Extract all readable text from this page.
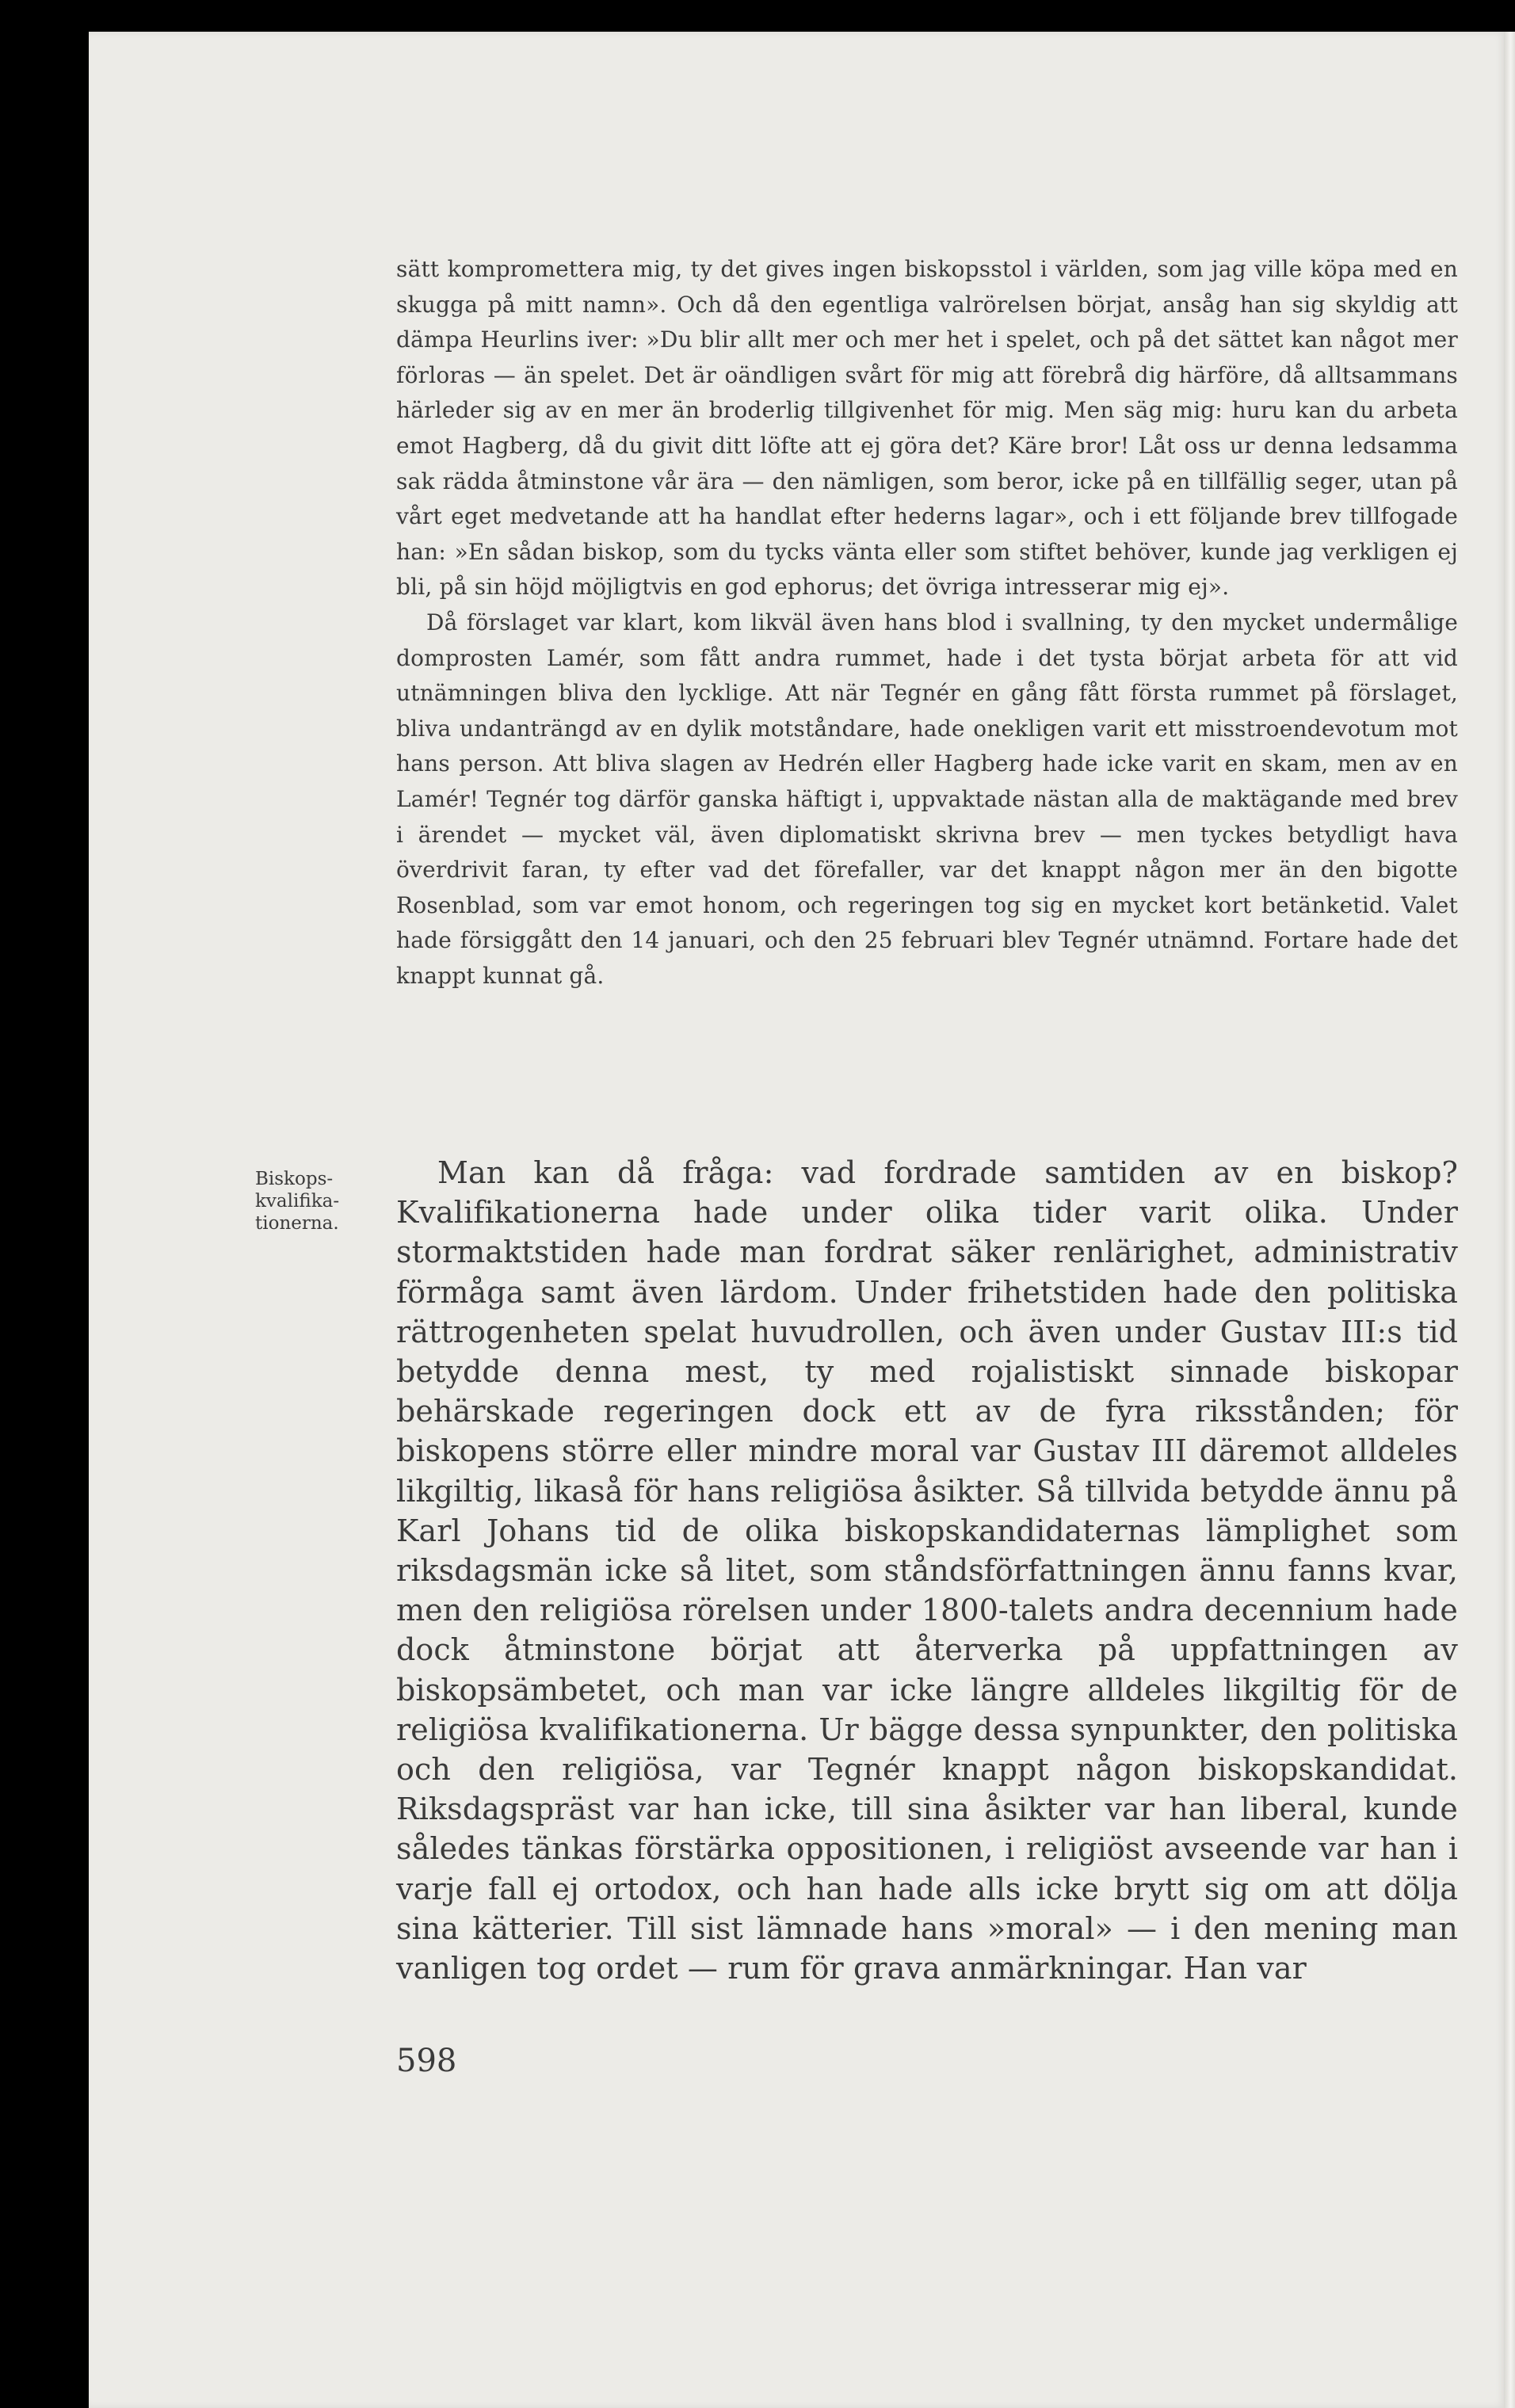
sätt kompromettera mig, ty det gives ingen biskopsstol i världen, som jag ville köpa med en skugga på mitt namn». Och då den egentliga valrörelsen börjat, ansåg han sig skyldig att dämpa Heurlins iver: »Du blir allt mer och mer het i spelet, och på det sättet kan något mer förloras — än spelet. Det är oändligen svårt för mig att förebrå dig härföre, då alltsammans härleder sig av en mer än broderlig tillgivenhet för mig. Men säg mig: huru kan du arbeta emot Hagberg, då du givit ditt löfte att ej göra det? Käre bror! Låt oss ur denna ledsamma sak rädda åtminstone vår ära — den nämligen, som beror, icke på en tillfällig seger, utan på vårt eget medvetande att ha handlat efter hederns lagar», och i ett följande brev tillfogade han: »En sådan biskop, som du tycks vänta eller som stiftet behöver, kunde jag verkligen ej bli, på sin höjd möjligtvis en god ephorus; det övriga intresserar mig ej».

Då förslaget var klart, kom likväl även hans blod i svallning, ty den mycket undermålige domprosten Lamér, som fått andra rummet, hade i det tysta börjat arbeta för att vid utnämningen bliva den lycklige. Att när Tegnér en gång fått första rummet på förslaget, bliva undanträngd av en dylik motståndare, hade onekligen varit ett misstroendevotum mot hans person. Att bliva slagen av Hedrén eller Hagberg hade icke varit en skam, men av en Lamér! Tegnér tog därför ganska häftigt i, uppvaktade nästan alla de maktägande med brev i ärendet — mycket väl, även diplomatiskt skrivna brev — men tyckes betydligt hava överdrivit faran, ty efter vad det förefaller, var det knappt någon mer än den bigotte Rosenblad, som var emot honom, och regeringen tog sig en mycket kort betänketid. Valet hade försiggått den 14 januari, och den 25 februari blev Tegnér utnämnd. Fortare hade det knappt kunnat gå.

Biskops-
kvalifika-
tionerna.

Man kan då fråga: vad fordrade samtiden av en biskop? Kvalifikationerna hade under olika tider varit olika. Under stormaktstiden hade man fordrat säker renlärighet, administrativ förmåga samt även lärdom. Under frihetstiden hade den politiska rättrogenheten spelat huvudrollen, och även under Gustav III:s tid betydde denna mest, ty med rojalistiskt sinnade biskopar behärskade regeringen dock ett av de fyra riksstånden; för biskopens större eller mindre moral var Gustav III däremot alldeles likgiltig, likaså för hans religiösa åsikter. Så tillvida betydde ännu på Karl Johans tid de olika biskopskandidaternas lämplighet som riksdagsmän icke så litet, som ståndsförfattningen ännu fanns kvar, men den religiösa rörelsen under 1800-talets andra decennium hade dock åtminstone börjat att återverka på uppfattningen av biskopsämbetet, och man var icke längre alldeles likgiltig för de religiösa kvalifikationerna. Ur bägge dessa synpunkter, den politiska och den religiösa, var Tegnér knappt någon biskopskandidat. Riksdagspräst var han icke, till sina åsikter var han liberal, kunde således tänkas förstärka oppositionen, i religiöst avseende var han i varje fall ej ortodox, och han hade alls icke brytt sig om att dölja sina kätterier. Till sist lämnade hans »moral» — i den mening man vanligen tog ordet — rum för grava anmärkningar. Han var

598
